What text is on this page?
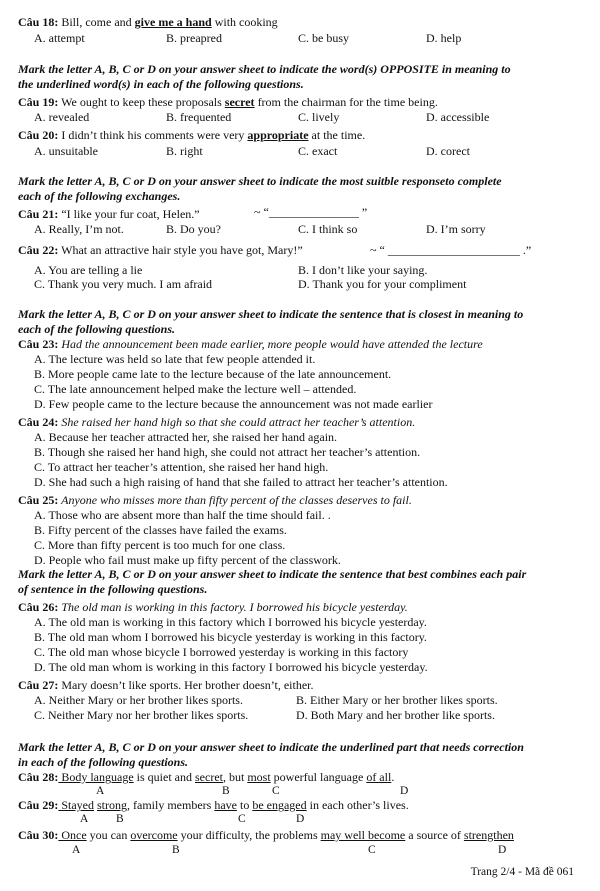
Câu 18: Bill, come and give me a hand with cooking
A. attempt	B. preapred	C. be busy	D. help
Mark the letter A, B, C or D on your answer sheet to indicate the word(s) OPPOSITE in meaning to
the underlined word(s) in each of the following questions.
Câu 19: We ought to keep these proposals secret from the chairman for the time being.
A. revealed	B. frequented	C. lively	D. accessible
Câu 20: I didn’t think his comments were very appropriate at the time.
A. unsuitable	B. right	C. exact	D. corect
Mark the letter A, B, C or D on your answer sheet to indicate the most suitble responseto complete
each of the following exchanges.
Câu 21: “I like your fur coat, Helen.”	~ “_______________ ”
A. Really, I’m not.	B. Do you?	C. I think so	D. I’m sorry
Câu 22: What an attractive hair style you have got, Mary!”	~ “ ______________________ .”
A. You are telling a lie	B. I don’t like your saying.
C. Thank you very much. I am afraid	D. Thank you for your compliment
Mark the letter A, B, C or D on your answer sheet to indicate the sentence that is closest in meaning to
each of the following questions.
Câu 23: Had the announcement been made earlier, more people would have attended the lecture
A. The lecture was held so late that few people attended it.
B. More people came late to the lecture because of the late announcement.
C. The late announcement helped make the lecture well – attended.
D. Few people came to the lecture because the announcement was not made earlier
Câu 24: She raised her hand high so that she could attract her teacher’s attention.
A. Because her teacher attracted her, she raised her hand again.
B. Though she raised her hand high, she could not attract her teacher’s attention.
C. To attract her teacher’s attention, she raised her hand high.
D. She had such a high raising of hand that she failed to attract her teacher’s attention.
Câu 25: Anyone who misses more than fifty percent of the classes deserves to fail.
A. Those who are absent more than half the time should fail. .
B. Fifty percent of the classes have failed the exams.
C. More than fifty percent is too much for one class.
D. People who fail must make up fifty percent of the classwork.
Mark the letter A, B, C or D on your answer sheet to indicate the sentence that best combines each pair
of sentence in the following questions.
Câu 26: The old man is working in this factory. I borrowed his bicycle yesterday.
A. The old man is working in this factory which I borrowed his bicycle yesterday.
B. The old man whom I borrowed his bicycle yesterday is working in this factory.
C. The old man whose bicycle I borrowed yesterday is working in this factory
D. The old man whom is working in this factory I borrowed his bicycle yesterday.
Câu 27: Mary doesn’t like sports. Her brother doesn’t, either.
A. Neither Mary or her brother likes sports.	B. Either Mary or her brother likes sports.
C. Neither Mary nor her brother likes sports.	D. Both Mary and her brother like sports.
Mark the letter A, B, C or D on your answer sheet to indicate the underlined part that needs correction
in each of the following questions.
Câu 28: Body language is quiet and secret, but most powerful language of all.
A	B	C	D
Câu 29: Stayed strong, family members have to be engaged in each other’s lives.
A B	C	D
Câu 30: Once you can overcome your difficulty, the problems may well become a source of strengthen
A	B	C	D
Trang 2/4 - Mã đề 061
